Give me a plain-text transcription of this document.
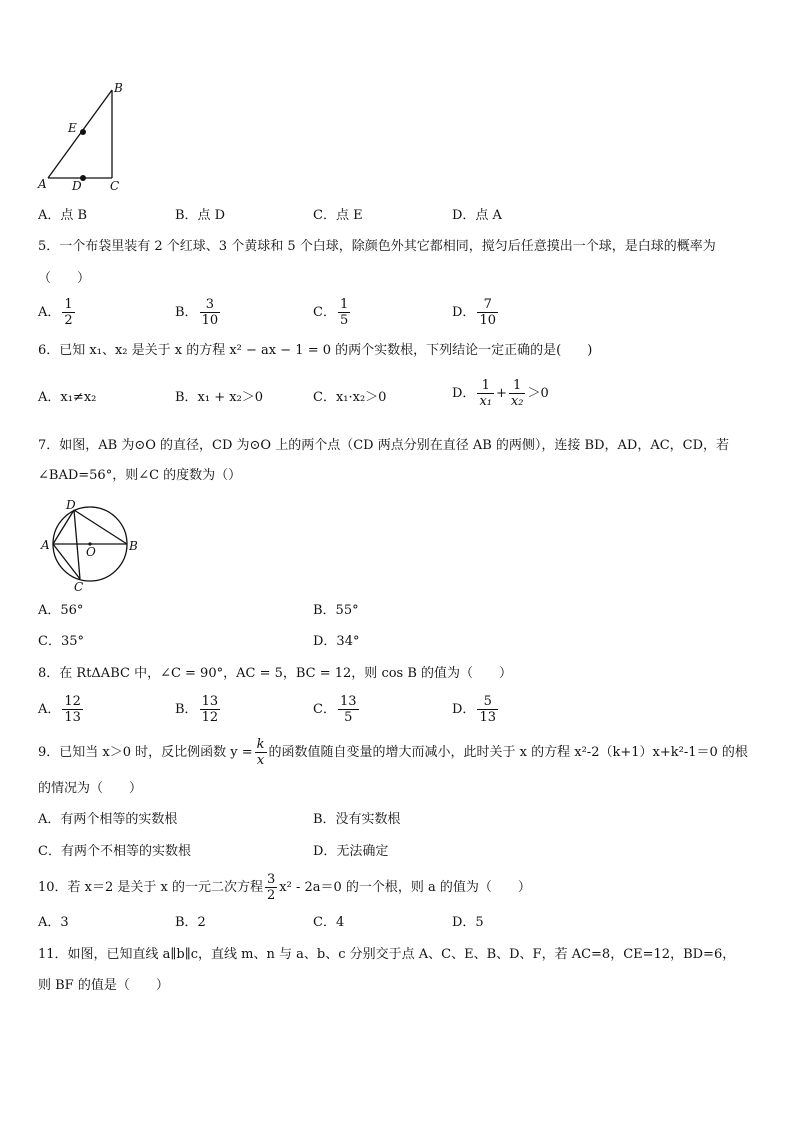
B
E
A D C
A．点 B	B．点 D	C．点 E	D．点 A
5．一个布袋里装有 2 个红球、3 个黄球和 5 个白球，除颜色外其它都相同，搅匀后任意摸出一个球，是白球的概率为
（　　）
A． $\frac{1}{2}$	B． $\frac{3}{10}$	C． $\frac{1}{5}$	D． $\frac{7}{10}$
6．已知 x₁、x₂ 是关于 x 的方程 x² − ax − 1 = 0 的两个实数根，下列结论一定正确的是(　　)
A．x₁≠x₂	B．x₁ + x₂＞0	C．x₁·x₂＞0	D． $\frac{1}{\text{x₁}} + \frac{1}{\text{x₂}} >0$
7．如图，AB 为⊙O 的直径，CD 为⊙O 上的两个点（CD 两点分别在直径 AB 的两侧），连接 BD，AD，AC，CD，若
∠BAD=56°，则∠C 的度数为（）
D
A	O	B
C
A．56°	B．55°
C．35°	D．34°
8．在 RtΔABC 中，∠C = 90°，AC = 5，BC = 12，则 cos B 的值为（　　）
A． $\frac{12}{13}$	B． $\frac{13}{12}$	C． $\frac{13}{5}$	D． $\frac{5}{13}$
9．已知当 x＞0 时，反比例函数 $y = \frac{k}{x}$ 的函数值随自变量的增大而减小，此时关于 x 的方程 x²-2（k+1）x+k²-1＝0 的根
的情况为（　　）
A．有两个相等的实数根	B．没有实数根
C．有两个不相等的实数根	D．无法确定
10．若 x＝2 是关于 x 的一元二次方程 $\frac{3}{2} x^2 - 2a=0$ 的一个根，则 a 的值为（　　）
A．3	B．2	C．4	D．5
11．如图，已知直线 a∥b∥c，直线 m、n 与 a、b、c 分别交于点 A、C、E、B、D、F，若 AC=8，CE=12，BD=6，
则 BF 的值是（　　）
